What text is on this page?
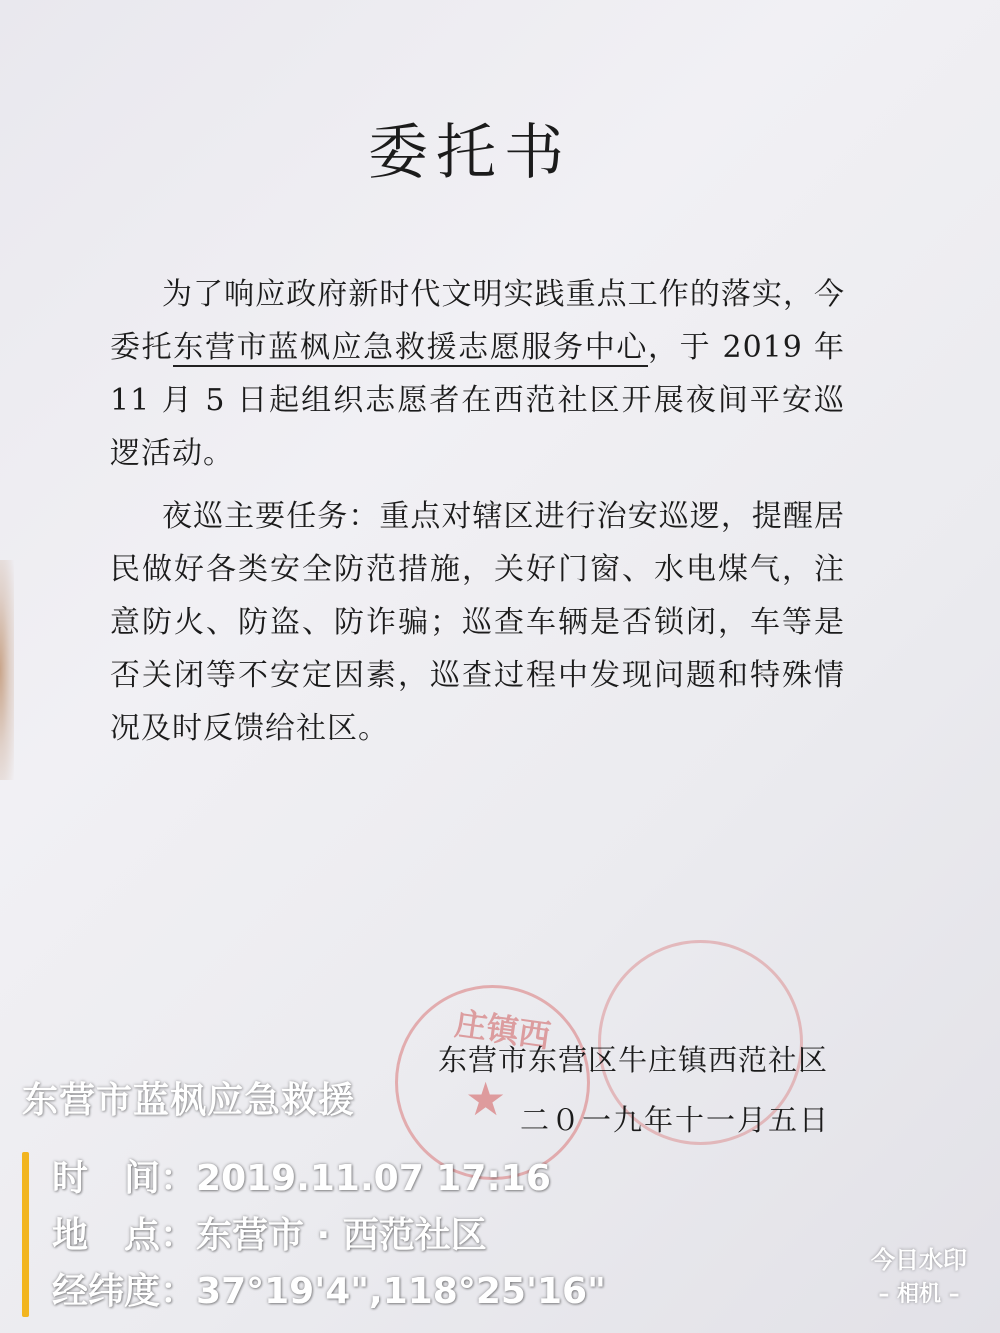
委托书
为了响应政府新时代文明实践重点工作的落实，今委托东营市蓝枫应急救援志愿服务中心，于 2019 年 11 月 5 日起组织志愿者在西范社区开展夜间平安巡逻活动。
夜巡主要任务：重点对辖区进行治安巡逻，提醒居民做好各类安全防范措施，关好门窗、水电煤气，注意防火、防盗、防诈骗；巡查车辆是否锁闭，车等是否关闭等不安定因素，巡查过程中发现问题和特殊情况及时反馈给社区。
庄镇西
★
东营市东营区牛庄镇西范社区
二０一九年十一月五日
东营市蓝枫应急救援
时　间：2019.11.07 17:16
地　点：东营市 · 西范社区
经纬度：37°19'4",118°25'16"
今日水印
– 相机 –
